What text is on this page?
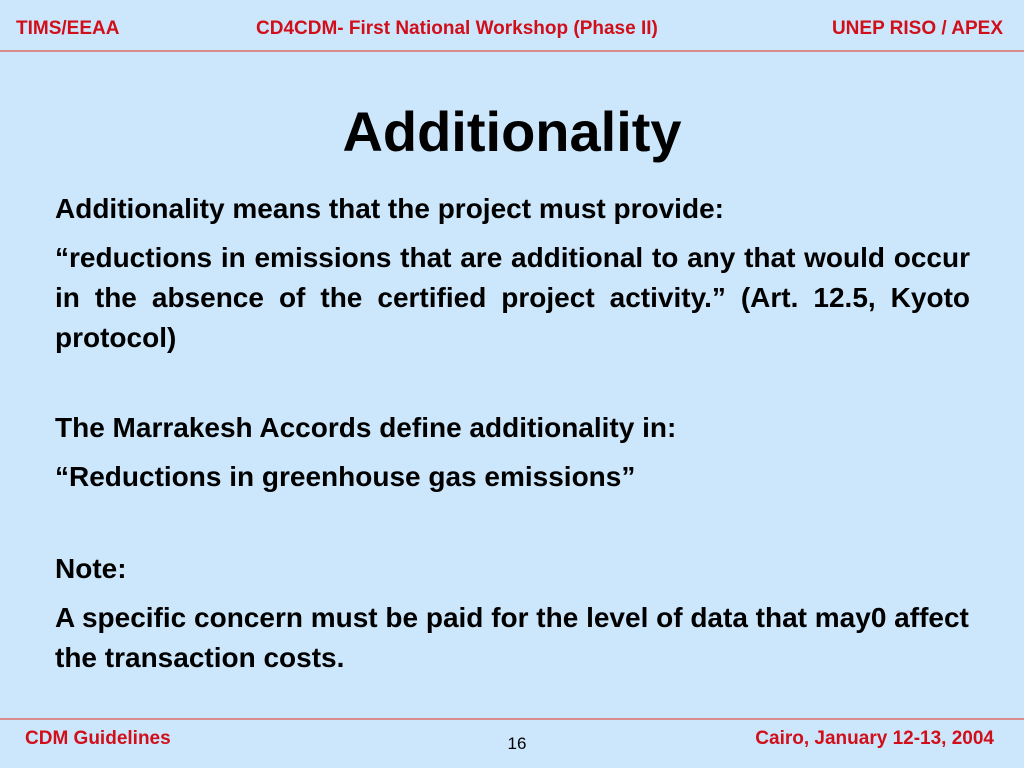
TIMS/EEAA	CD4CDM- First National Workshop (Phase II)	UNEP RISO / APEX
Additionality

Additionality means that the project must provide:

“reductions in emissions that are additional to any that would occur in the absence of the certified project activity.” (Art. 12.5, Kyoto protocol)

The Marrakesh Accords define additionality in:

“Reductions in greenhouse gas emissions”

Note:

A specific concern must be paid for the level of data that may0 affect the transaction costs.

CDM Guidelines	16	Cairo, January 12-13, 2004
